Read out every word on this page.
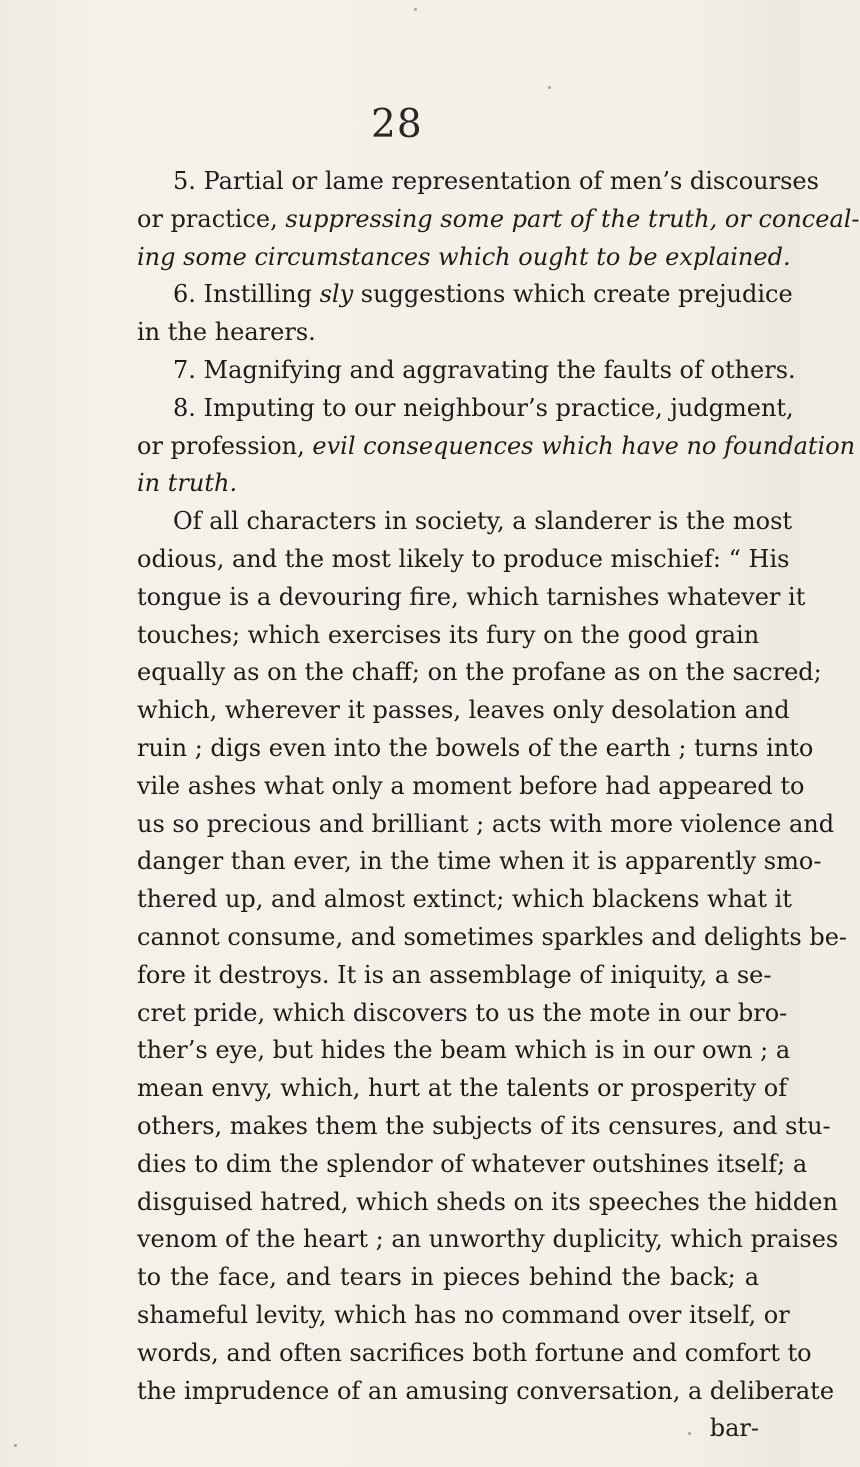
28
5. Partial or lame representation of men’s discourses
or practice, suppressing some part of the truth, or conceal-
ing some circumstances which ought to be explained.
6. Instilling sly suggestions which create prejudice
in the hearers.
7. Magnifying and aggravating the faults of others.
8. Imputing to our neighbour’s practice, judgment,
or profession, evil consequences which have no foundation
in truth.
Of all characters in society, a slanderer is the most
odious, and the most likely to produce mischief: “ His
tongue is a devouring fire, which tarnishes whatever it
touches; which exercises its fury on the good grain
equally as on the chaff; on the profane as on the sacred;
which, wherever it passes, leaves only desolation and
ruin ; digs even into the bowels of the earth ; turns into
vile ashes what only a moment before had appeared to
us so precious and brilliant ; acts with more violence and
danger than ever, in the time when it is apparently smo-
thered up, and almost extinct; which blackens what it
cannot consume, and sometimes sparkles and delights be-
fore it destroys. It is an assemblage of iniquity, a se-
cret pride, which discovers to us the mote in our bro-
ther’s eye, but hides the beam which is in our own ; a
mean envy, which, hurt at the talents or prosperity of
others, makes them the subjects of its censures, and stu-
dies to dim the splendor of whatever outshines itself; a
disguised hatred, which sheds on its speeches the hidden
venom of the heart ; an unworthy duplicity, which praises
to the face, and tears in pieces behind the back; a
shameful levity, which has no command over itself, or
words, and often sacrifices both fortune and comfort to
the imprudence of an amusing conversation, a deliberate
bar-
